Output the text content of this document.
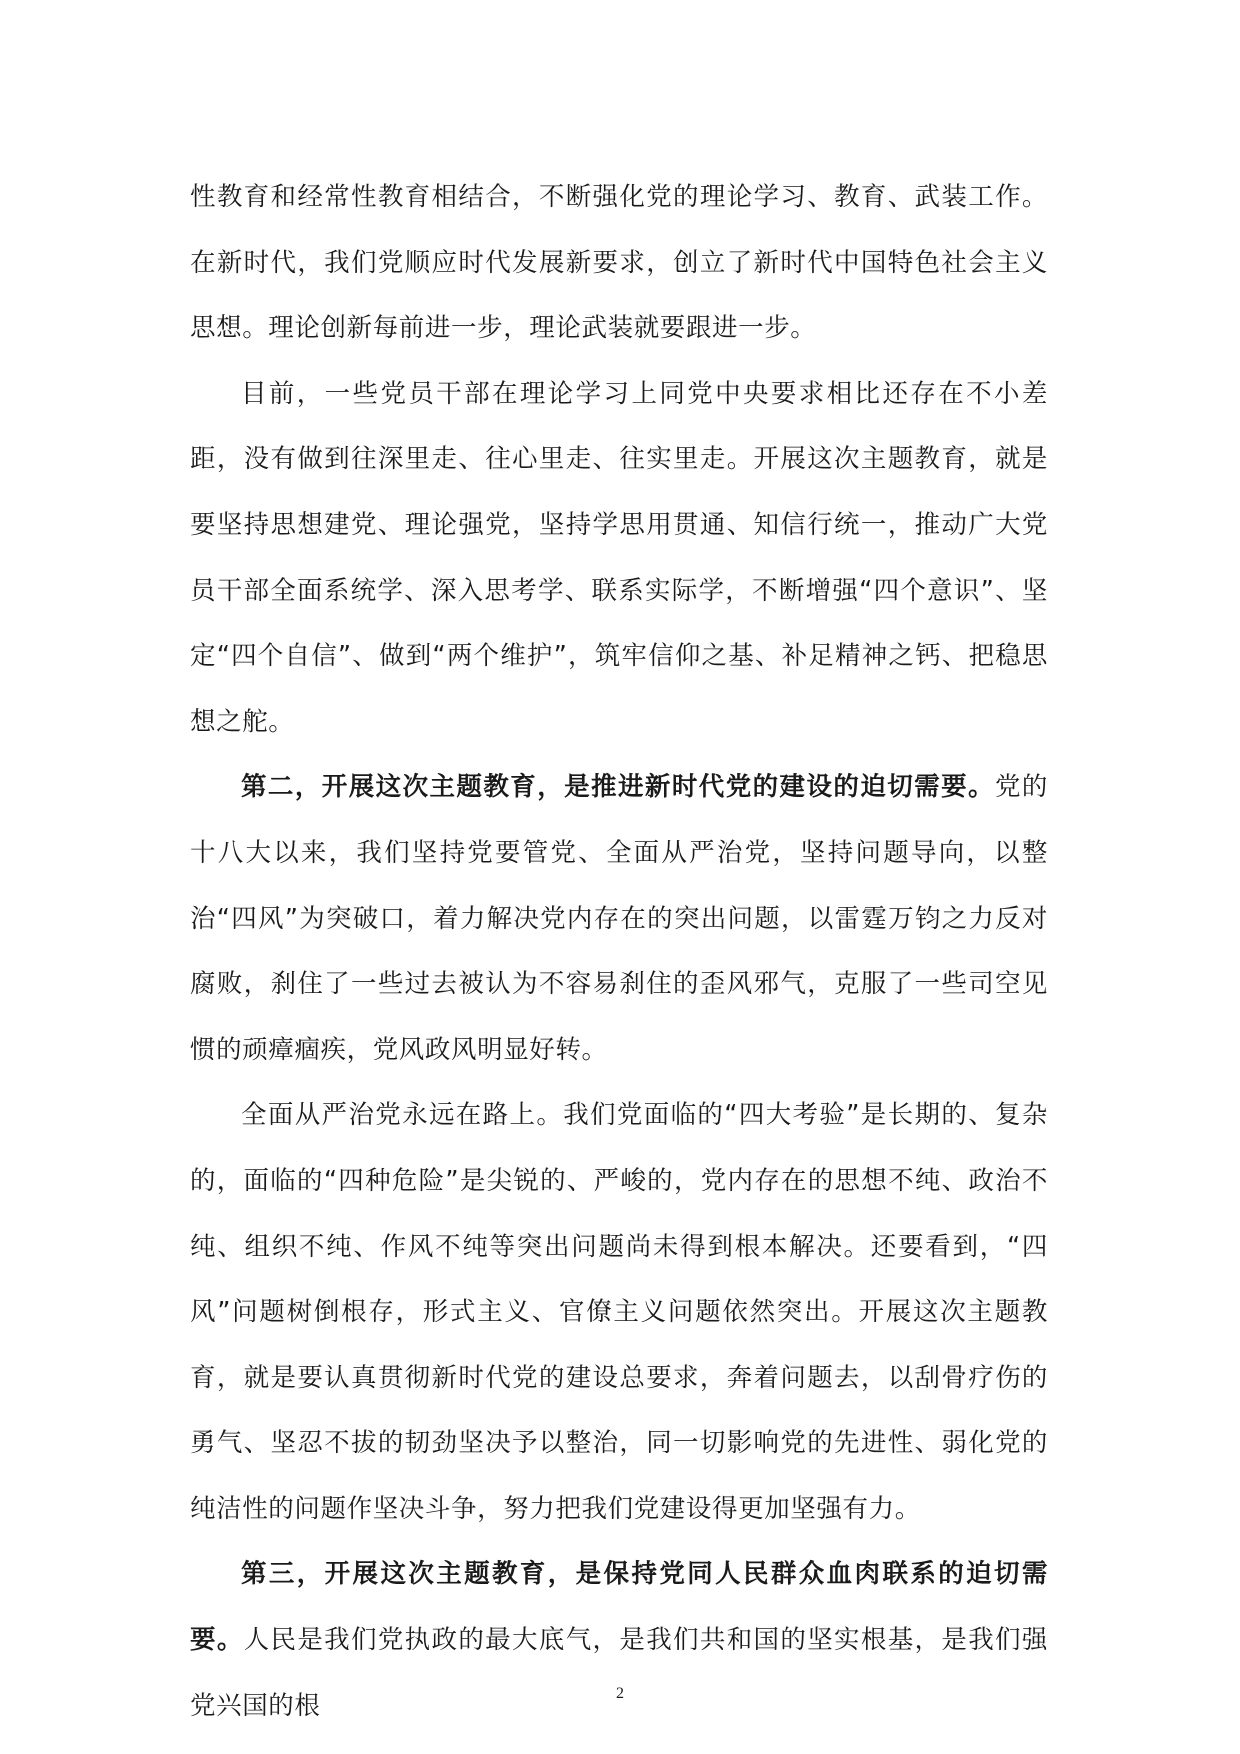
性教育和经常性教育相结合，不断强化党的理论学习、教育、武装工作。在新时代，我们党顺应时代发展新要求，创立了新时代中国特色社会主义思想。理论创新每前进一步，理论武装就要跟进一步。

目前，一些党员干部在理论学习上同党中央要求相比还存在不小差距，没有做到往深里走、往心里走、往实里走。开展这次主题教育，就是要坚持思想建党、理论强党，坚持学思用贯通、知信行统一，推动广大党员干部全面系统学、深入思考学、联系实际学，不断增强“四个意识”、坚定“四个自信”、做到“两个维护”，筑牢信仰之基、补足精神之钙、把稳思想之舵。

第二，开展这次主题教育，是推进新时代党的建设的迫切需要。党的十八大以来，我们坚持党要管党、全面从严治党，坚持问题导向，以整治“四风”为突破口，着力解决党内存在的突出问题，以雷霆万钧之力反对腐败，刹住了一些过去被认为不容易刹住的歪风邪气，克服了一些司空见惯的顽瘴痼疾，党风政风明显好转。

全面从严治党永远在路上。我们党面临的“四大考验”是长期的、复杂的，面临的“四种危险”是尖锐的、严峻的，党内存在的思想不纯、政治不纯、组织不纯、作风不纯等突出问题尚未得到根本解决。还要看到，“四风”问题树倒根存，形式主义、官僚主义问题依然突出。开展这次主题教育，就是要认真贯彻新时代党的建设总要求，奔着问题去，以刮骨疗伤的勇气、坚忍不拔的韧劲坚决予以整治，同一切影响党的先进性、弱化党的纯洁性的问题作坚决斗争，努力把我们党建设得更加坚强有力。

第三，开展这次主题教育，是保持党同人民群众血肉联系的迫切需要。人民是我们党执政的最大底气，是我们共和国的坚实根基，是我们强党兴国的根	2
